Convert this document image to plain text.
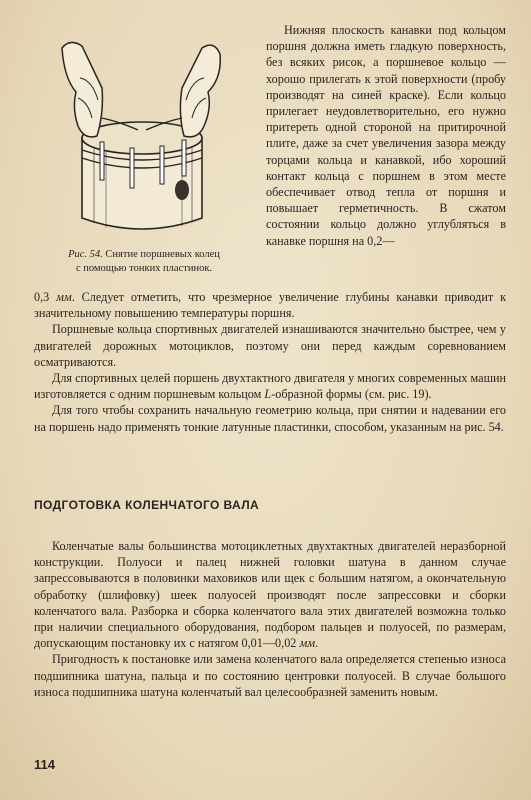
Рис. 54. Снятие поршневых колец
с помощью тонких пластинок.
Нижняя плоскость канавки под кольцом поршня должна иметь гладкую поверхность, без всяких рисок, а поршневое кольцо — хорошо прилегать к этой поверхности (пробу производят на синей краске). Если кольцо прилегает неудовлетворительно, его нужно притереть одной стороной на притирочной плите, даже за счет увеличения зазора между торцами кольца и канавкой, ибо хороший контакт кольца с поршнем в этом месте обеспечивает отвод тепла от поршня и повышает герметичность. В сжатом состоянии кольцо должно углубляться в канавке поршня на 0,2—

0,3 мм. Следует отметить, что чрезмерное увеличение глубины канавки приводит к значительному повышению температуры поршня.

Поршневые кольца спортивных двигателей изнашиваются значительно быстрее, чем у двигателей дорожных мотоциклов, поэтому они перед каждым соревнованием осматриваются.

Для спортивных целей поршень двухтактного двигателя у многих современных машин изготовляется с одним поршневым кольцом L-образной формы (см. рис. 19).

Для того чтобы сохранить начальную геометрию кольца, при снятии и надевании его на поршень надо применять тонкие латунные пластинки, способом, указанным на рис. 54.

ПОДГОТОВКА КОЛЕНЧАТОГО ВАЛА

Коленчатые валы большинства мотоциклетных двухтактных двигателей неразборной конструкции. Полуоси и палец нижней головки шатуна в данном случае запрессовываются в половинки маховиков или щек с большим натягом, а окончательную обработку (шлифовку) шеек полуосей производят после запрессовки и сборки коленчатого вала. Разборка и сборка коленчатого вала этих двигателей возможна только при наличии специального оборудования, подбором пальцев и полуосей, по размерам, допускающим постановку их с натягом 0,01—0,02 мм.

Пригодность к постановке или замена коленчатого вала определяется степенью износа подшипника шатуна, пальца и по состоянию центровки полуосей. В случае большого износа подшипника шатуна коленчатый вал целесообразней заменить новым.

114
